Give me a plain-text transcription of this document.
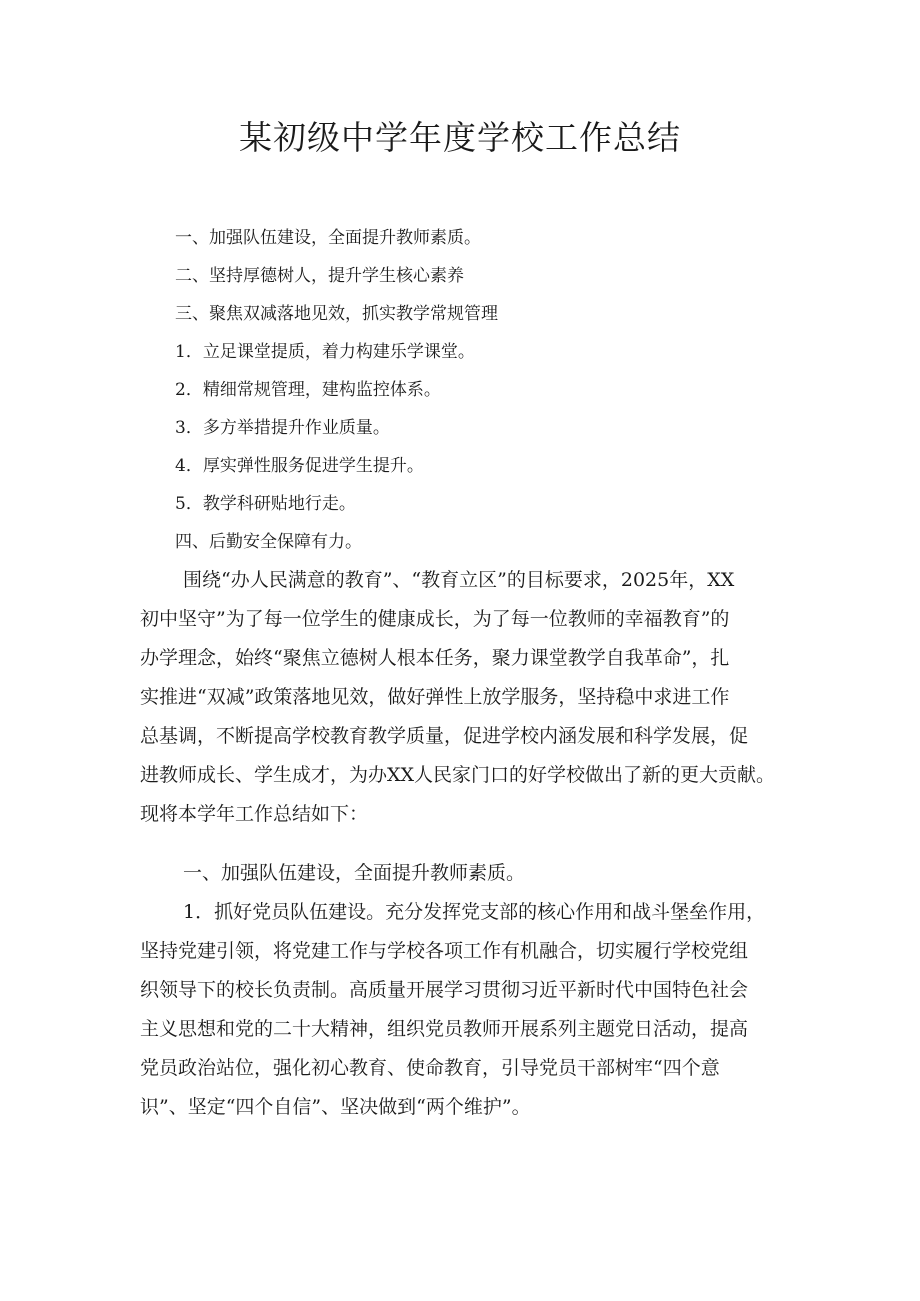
某初级中学年度学校工作总结
一、加强队伍建设，全面提升教师素质。
二、坚持厚德树人，提升学生核心素养
三、聚焦双减落地见效，抓实教学常规管理
1．立足课堂提质，着力构建乐学课堂。
2．精细常规管理，建构监控体系。
3．多方举措提升作业质量。
4．厚实弹性服务促进学生提升。
5．教学科研贴地行走。
四、后勤安全保障有力。
围绕“办人民满意的教育”、“教育立区”的目标要求，2025年，XX
初中坚守”为了每一位学生的健康成长，为了每一位教师的幸福教育”的
办学理念，始终“聚焦立德树人根本任务，聚力课堂教学自我革命”，扎
实推进“双减”政策落地见效，做好弹性上放学服务，坚持稳中求进工作
总基调，不断提高学校教育教学质量，促进学校内涵发展和科学发展，促
进教师成长、学生成才，为办XX人民家门口的好学校做出了新的更大贡献。
现将本学年工作总结如下：
一、加强队伍建设，全面提升教师素质。
1．抓好党员队伍建设。充分发挥党支部的核心作用和战斗堡垒作用，
坚持党建引领，将党建工作与学校各项工作有机融合，切实履行学校党组
织领导下的校长负责制。高质量开展学习贯彻习近平新时代中国特色社会
主义思想和党的二十大精神，组织党员教师开展系列主题党日活动，提高
党员政治站位，强化初心教育、使命教育，引导党员干部树牢“四个意
识”、坚定“四个自信”、坚决做到“两个维护”。
